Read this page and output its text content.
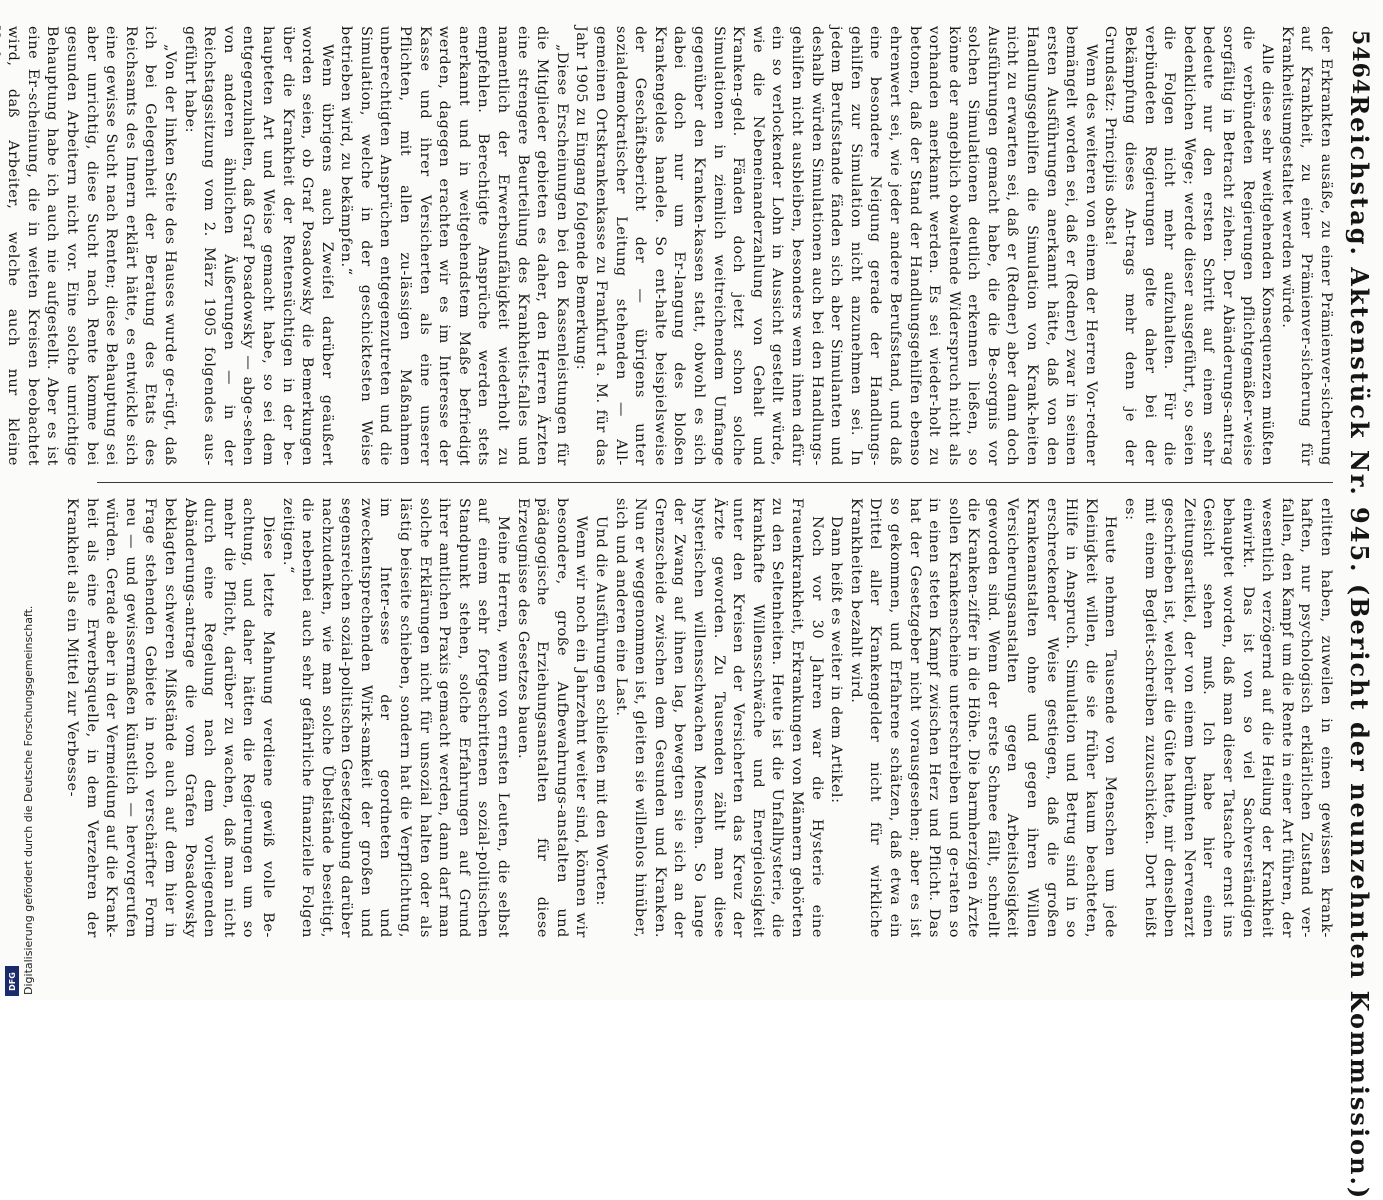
5464
Reichstag. Aktenstück Nr. 945. (Bericht der neunzehnten Kommission.)

der Erkrankten ausäße, zu einer Prämienver-sicherung auf Krankheit, zu einer Prämienver-sicherung für Krankheitsumgestaltet werden würde.

Alle diese sehr weitgehenden Konsequenzen müßten die verbündeten Regierungen pflichtgemäßer-weise sorgfältig in Betracht ziehen. Der Abänderungs-antrag bedeute nur den ersten Schritt auf einem sehr bedenklichen Wege; werde dieser ausgeführt, so seien die Folgen nicht mehr aufzuhalten. Für die verbündeten Regierungen gelte daher bei der Bekämpfung dieses An-trags mehr denn je der Grundsatz: Principiis obsta!

Wenn des weiteren von einem der Herren Vor-redner bemängelt worden sei, daß er (Redner) zwar in seinen ersten Ausführungen anerkannt hätte, daß von den Handlungsgehilfen die Simulation von Krank-heiten nicht zu erwarten sei, daß er (Redner) aber dann doch Ausführungen gemacht habe, die die Be-sorgnis vor solchen Simulationen deutlich erkennen ließen, so könne der angeblich obwaltende Widerspruch nicht als vorhanden anerkannt werden. Es sei wieder-holt zu betonen, daß der Stand der Handlungsgehilfen ebenso ehrenwert sei, wie jeder andere Berufsstand, und daß eine besondere Neigung gerade der Handlungs-gehilfen zur Simulation nicht anzunehmen sei. In jedem Berufsstande fänden sich aber Simulanten und deshalb würden Simulationen auch bei den Handlungs-gehilfen nicht ausbleiben, besonders wenn ihnen dafür ein so verlockender Lohn in Aussicht gestellt würde, wie die Nebeneinanderzahlung von Gehalt und Kranken-geld. Fänden doch jetzt schon solche Simulationen in ziemlich weitreichendem Umfange gegenüber den Kranken-kassen statt, obwohl es sich dabei doch nur um Er-langung des bloßen Krankengeldes handele. So ent-halte beispielsweise der Geschäftsbericht der — übrigens unter sozialdemokratischer Leitung stehenden — All-gemeinen Ortskrankenkasse zu Frankfurt a. M. für das Jahr 1905 zu Eingang folgende Bemerkung:

„Diese Erscheinungen bei den Kassenleistungen für die Mitglieder gebieten es daher, den Herren Ärzten eine strengere Beurteilung des Krankheits-falles und namentlich der Erwerbsunfähigkeit wiederholt zu empfehlen. Berechtigte Ansprüche werden stets anerkannt und in weitgehendstem Maße befriedigt werden, dagegen erachten wir es im Interesse der Kasse und ihrer Versicherten als eine unserer Pflichten, mit allen zu-lässigen Maßnahmen unberechtigten Ansprüchen entgegenzutreten und die Simulation, welche in der geschicktesten Weise betrieben wird, zu bekämpfen.“

Wenn übrigens auch Zweifel darüber geäußert worden seien, ob Graf Posadowsky die Bemerkungen über die Krankheit der Rentensüchtigen in der be-haupteten Art und Weise gemacht habe, so sei dem entgegenzuhalten, daß Graf Posadowsky — abge-sehen von anderen ähnlichen Äußerungen — in der Reichstagssitzung vom 2. März 1905 folgendes aus-geführt habe:

„Von der linken Seite des Hauses wurde ge-rügt, daß ich bei Gelegenheit der Beratung des Etats des Reichsamts des Innern erklärt hätte, es entwickle sich eine gewisse Sucht nach Renten; diese Behauptung sei aber unrichtig, diese Sucht nach Rente komme bei gesunden Arbeitern nicht vor. Eine solche unrichtige Behauptung habe ich auch nie aufgestellt. Aber es ist eine Er-scheinung, die in weiten Kreisen beobachtet wird, daß Arbeiter, welche auch nur kleine

erlitten haben, zuweilen in einen gewissen krank-haften, nur psychologisch erklärlichen Zustand ver-fallen, den Kampf um die Rente in einer Art führen, der wesentlich verzögernd auf die Heilung der Krankheit einwirkt. Das ist von so viel Sachverständigen behauptet worden, daß man dieser Tatsache ernst ins Gesicht sehen muß. Ich habe hier einen Zeitungsartikel, der von einem berühmten Nervenarzt geschrieben ist, welcher die Güte hatte, mir denselben mit einem Begleit-schreiben zuzuschicken. Dort heißt es:

Heute nehmen Tausende von Menschen um jede Kleinigkeit willen, die sie früher kaum beachteten, Hilfe in Anspruch. Simulation und Betrug sind in so erschreckender Weise gestiegen, daß die großen Krankenanstalten ohne und gegen ihren Willen Versicherungsanstalten gegen Arbeitslosigkeit geworden sind. Wenn der erste Schnee fällt, schnellt die Kranken-ziffer in die Höhe. Die barmherzigen Ärzte sollen Krankenscheine unterschreiben und ge-raten so in einen steten Kampf zwischen Herz und Pflicht. Das hat der Gesetzgeber nicht vorausgesehen; aber es ist so gekommen, und Erfahrene schätzen, daß etwa ein Drittel aller Krankengelder nicht für wirkliche Krankheiten bezahlt wird.

Dann heißt es weiter in dem Artikel:

Noch vor 30 Jahren war die Hysterie eine Frauenkrankheit, Erkrankungen von Männern gehörten zu den Seltenheiten. Heute ist die Unfallhysterie, die krankhafte Willensschwäche und Energielosigkeit unter den Kreisen der Versicherten das Kreuz der Ärzte geworden. Zu Tausenden zählt man diese hysterischen willensschwachen Menschen. So lange der Zwang auf ihnen lag, bewegten sie sich an der Grenzscheide zwischen dem Gesunden und Kranken. Nun er weggenommen ist, gleiten sie willenlos hinüber, sich und anderen eine Last.

Und die Ausführungen schließen mit den Worten:

Wenn wir noch ein Jahrzehnt weiter sind, können wir besondere, große Aufbewahrungs-anstalten und pädagogische Erziehungsanstalten für diese Erzeugnisse des Gesetzes bauen.

Meine Herren, wenn von ernsten Leuten, die selbst auf einem sehr fortgeschrittenen sozial-politischen Standpunkt stehen, solche Erfahrungen auf Grund ihrer amtlichen Praxis gemacht werden, dann darf man solche Erklärungen nicht für unsozial halten oder als lästig beiseite schieben, sondern hat die Verpflichtung, im Inter-esse der geordneten und zweckentsprechenden Wirk-samkeit der großen und segensreichen sozial-politischen Gesetzgebung darüber nachzudenken, wie man solche Übelstände beseitigt, die nebenbei auch sehr gefährliche finanzielle Folgen zeitigen.“

Diese letzte Mahnung verdiene gewiß volle Be-achtung, und daher hätten die Regierungen um so mehr die Pflicht, darüber zu wachen, daß man nicht durch eine Regelung nach dem vorliegenden Abänderungs-antrage die vom Grafen Posadowsky beklagten schweren Mißstände auch auf dem hier in Frage stehenden Gebiete in noch verschärfter Form neu — und gewissermaßen künstlich — hervorgerufen würden. Gerade aber in der Vermeidung auf die Krank-heit als eine Erwerbsquelle, in dem Verzehren der Krankheit als ein Mittel zur Verbesse-

Digitalisierung gefördert durch die Deutsche Forschungsgemeinschaft.
DFG
